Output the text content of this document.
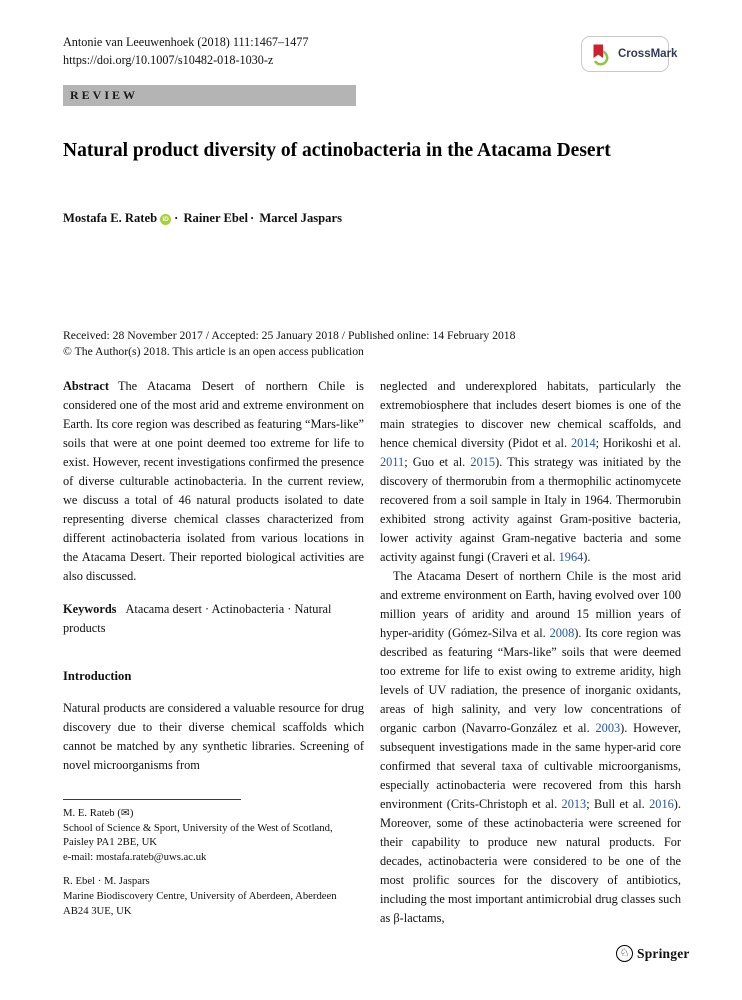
Antonie van Leeuwenhoek (2018) 111:1467–1477
https://doi.org/10.1007/s10482-018-1030-z	CrossMark
REVIEW
Natural product diversity of actinobacteria in the Atacama Desert
Mostafa E. Rateb iD · Rainer Ebel · Marcel Jaspars
Received: 28 November 2017 / Accepted: 25 January 2018 / Published online: 14 February 2018
© The Author(s) 2018. This article is an open access publication

Abstract The Atacama Desert of northern Chile is considered one of the most arid and extreme environment on Earth. Its core region was described as featuring “Mars-like” soils that were at one point deemed too extreme for life to exist. However, recent investigations confirmed the presence of diverse culturable actinobacteria. In the current review, we discuss a total of 46 natural products isolated to date representing diverse chemical classes characterized from different actinobacteria isolated from various locations in the Atacama Desert. Their reported biological activities are also discussed.

Keywords Atacama desert · Actinobacteria · Natural products

Introduction

Natural products are considered a valuable resource for drug discovery due to their diverse chemical scaffolds which cannot be matched by any synthetic libraries. Screening of novel microorganisms from

neglected and underexplored habitats, particularly the extremobiosphere that includes desert biomes is one of the main strategies to discover new chemical scaffolds, and hence chemical diversity (Pidot et al. 2014; Horikoshi et al. 2011; Guo et al. 2015). This strategy was initiated by the discovery of thermorubin from a thermophilic actinomycete recovered from a soil sample in Italy in 1964. Thermorubin exhibited strong activity against Gram-positive bacteria, lower activity against Gram-negative bacteria and some activity against fungi (Craveri et al. 1964).

The Atacama Desert of northern Chile is the most arid and extreme environment on Earth, having evolved over 100 million years of aridity and around 15 million years of hyper-aridity (Gómez-Silva et al. 2008). Its core region was described as featuring “Mars-like” soils that were deemed too extreme for life to exist owing to extreme aridity, high levels of UV radiation, the presence of inorganic oxidants, areas of high salinity, and very low concentrations of organic carbon (Navarro-González et al. 2003). However, subsequent investigations made in the same hyper-arid core confirmed that several taxa of cultivable microorganisms, especially actinobacteria were recovered from this harsh environment (Crits-Christoph et al. 2013; Bull et al. 2016). Moreover, some of these actinobacteria were screened for their capability to produce new natural products. For decades, actinobacteria were considered to be one of the most prolific sources for the discovery of antibiotics, including the most important antimicrobial drug classes such as β-lactams,

M. E. Rateb (✉)
School of Science & Sport, University of the West of Scotland, Paisley PA1 2BE, UK
e-mail: mostafa.rateb@uws.ac.uk
R. Ebel · M. Jaspars
Marine Biodiscovery Centre, University of Aberdeen, Aberdeen AB24 3UE, UK
♘ Springer
